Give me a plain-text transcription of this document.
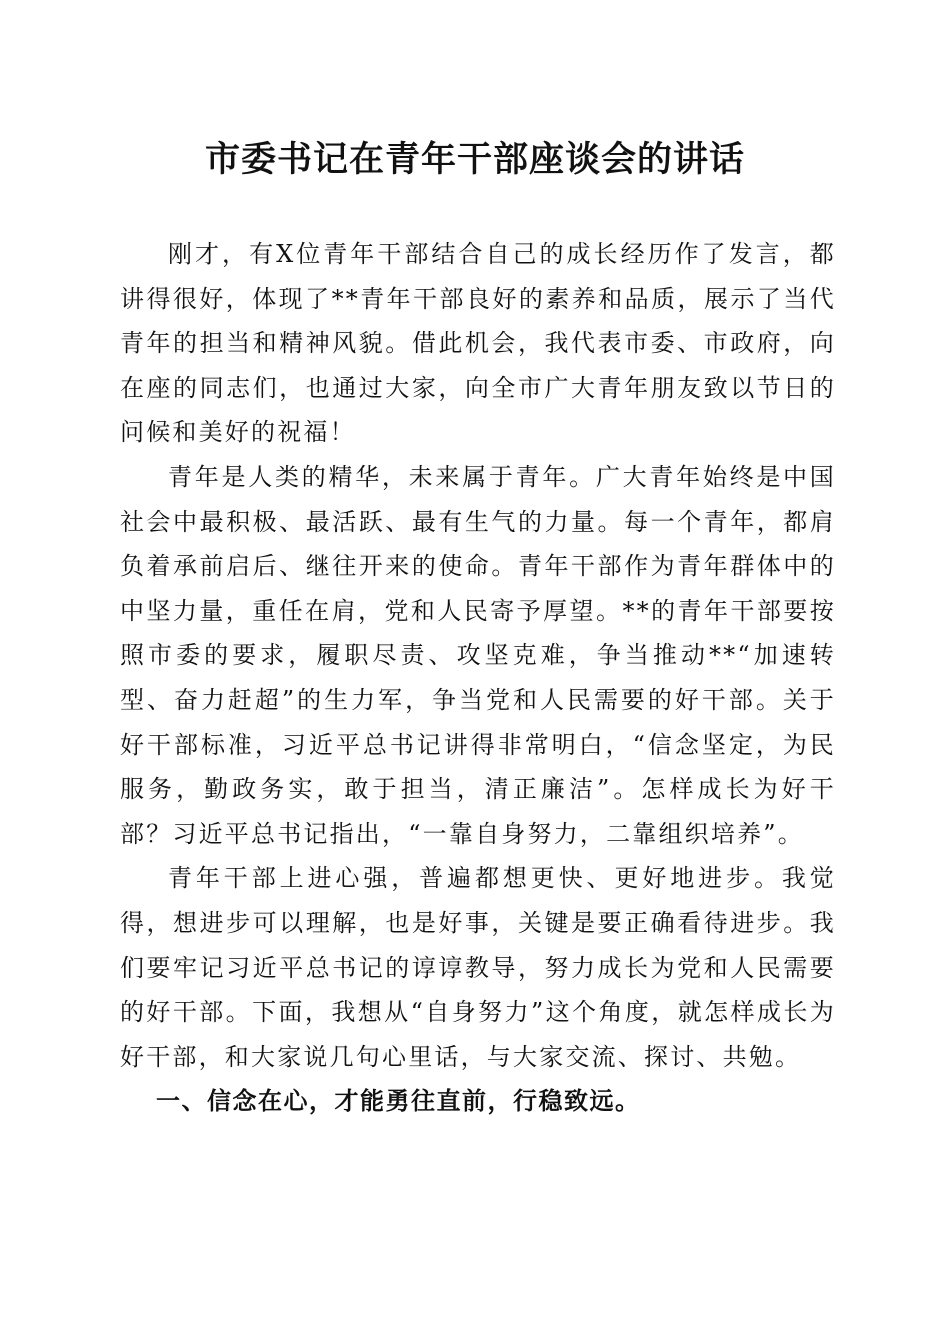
市委书记在青年干部座谈会的讲话

刚才，有X位青年干部结合自己的成长经历作了发言，都讲得很好，体现了**青年干部良好的素养和品质，展示了当代青年的担当和精神风貌。借此机会，我代表市委、市政府，向在座的同志们，也通过大家，向全市广大青年朋友致以节日的问候和美好的祝福！

青年是人类的精华，未来属于青年。广大青年始终是中国社会中最积极、最活跃、最有生气的力量。每一个青年，都肩负着承前启后、继往开来的使命。青年干部作为青年群体中的中坚力量，重任在肩，党和人民寄予厚望。**的青年干部要按照市委的要求，履职尽责、攻坚克难，争当推动**“加速转型、奋力赶超”的生力军，争当党和人民需要的好干部。关于好干部标准，习近平总书记讲得非常明白，“信念坚定，为民服务，勤政务实，敢于担当，清正廉洁”。怎样成长为好干部？习近平总书记指出，“一靠自身努力，二靠组织培养”。

青年干部上进心强，普遍都想更快、更好地进步。我觉得，想进步可以理解，也是好事，关键是要正确看待进步。我们要牢记习近平总书记的谆谆教导，努力成长为党和人民需要的好干部。下面，我想从“自身努力”这个角度，就怎样成长为好干部，和大家说几句心里话，与大家交流、探讨、共勉。

一、信念在心，才能勇往直前，行稳致远。
